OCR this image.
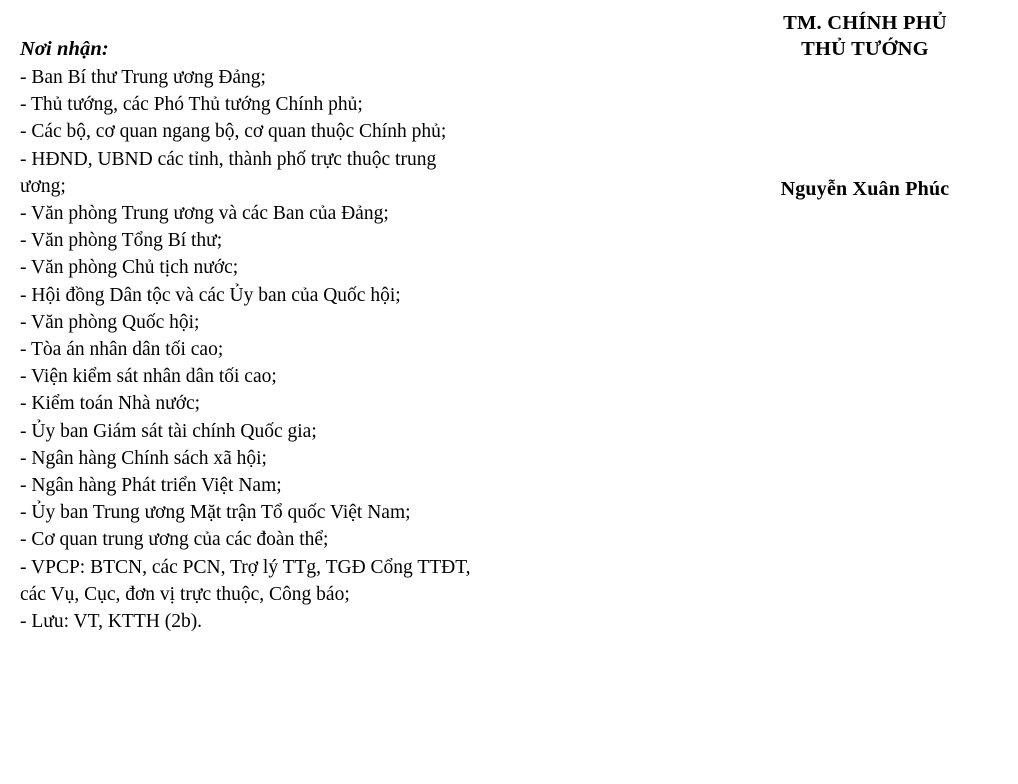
Nơi nhận:
- Ban Bí thư Trung ương Đảng;
- Thủ tướng, các Phó Thủ tướng Chính phủ;
- Các bộ, cơ quan ngang bộ, cơ quan thuộc Chính phủ;
- HĐND, UBND các tỉnh, thành phố trực thuộc trung ương;
- Văn phòng Trung ương và các Ban của Đảng;
- Văn phòng Tổng Bí thư;
- Văn phòng Chủ tịch nước;
- Hội đồng Dân tộc và các Ủy ban của Quốc hội;
- Văn phòng Quốc hội;
- Tòa án nhân dân tối cao;
- Viện kiểm sát nhân dân tối cao;
- Kiểm toán Nhà nước;
- Ủy ban Giám sát tài chính Quốc gia;
- Ngân hàng Chính sách xã hội;
- Ngân hàng Phát triển Việt Nam;
- Ủy ban Trung ương Mặt trận Tổ quốc Việt Nam;
- Cơ quan trung ương của các đoàn thể;
- VPCP: BTCN, các PCN, Trợ lý TTg, TGĐ Cổng TTĐT, các Vụ, Cục, đơn vị trực thuộc, Công báo;
- Lưu: VT, KTTH (2b).
TM. CHÍNH PHỦ
THỦ TƯỚNG
Nguyễn Xuân Phúc
